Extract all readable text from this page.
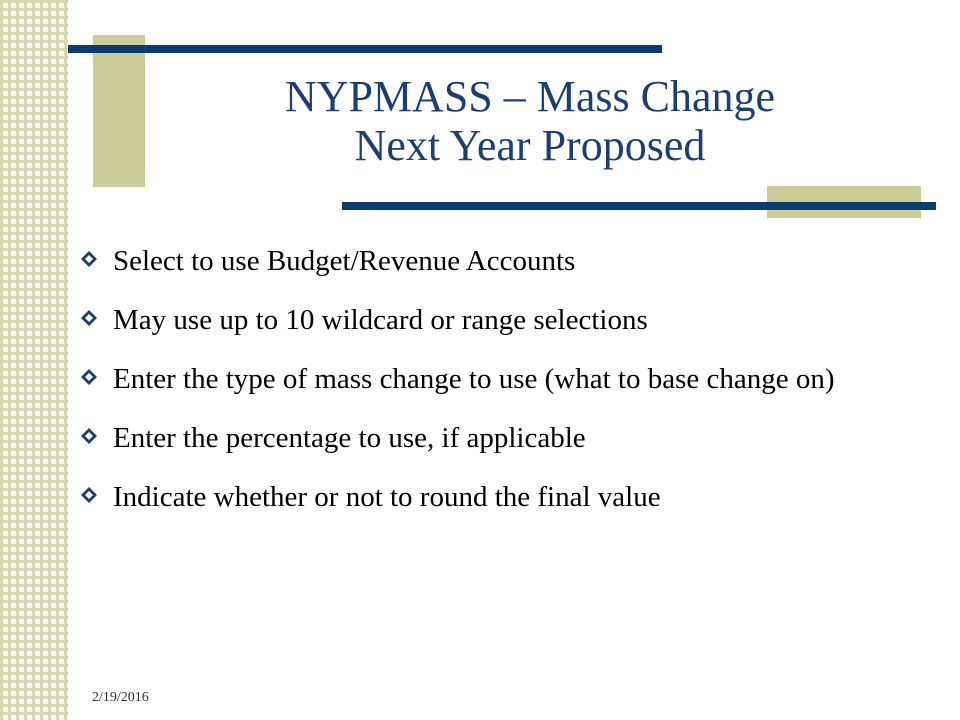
NYPMASS – Mass Change
Next Year Proposed
Select to use Budget/Revenue Accounts
May use up to 10 wildcard or range selections
Enter the type of mass change to use (what to base change on)
Enter the percentage to use, if applicable
Indicate whether or not to round the final value
2/19/2016
